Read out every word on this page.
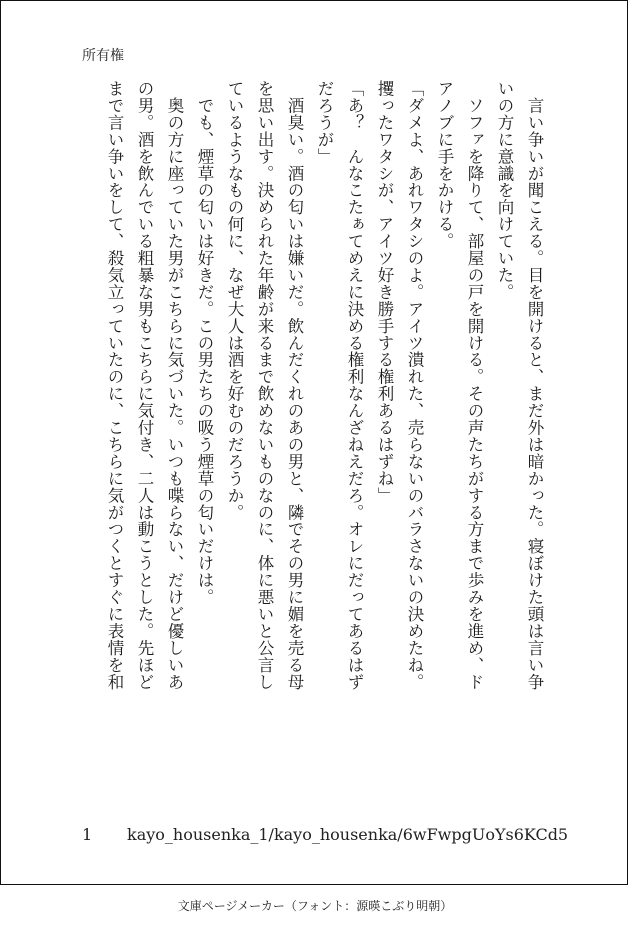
所有権
　言い争いが聞こえる。目を開けると、まだ外は暗かった。寝ぼけた頭は言い争
いの方に意識を向けていた。
　ソファを降りて、部屋の戸を開ける。その声たちがする方まで歩みを進め、ド
アノブに手をかける。
「ダメよ、あれワタシのよ。アイツ潰れた、売らないのバラさないの決めたね。
攫ったワタシが、アイツ好き勝手する権利あるはずね」
「あ？　んなこたぁてめえに決める権利なんざねえだろ。オレにだってあるはず
だろうが」
　酒臭い。酒の匂いは嫌いだ。飲んだくれのあの男と、隣でその男に媚を売る母
を思い出す。決められた年齢が来るまで飲めないものなのに、体に悪いと公言し
ているようなもの何に、なぜ大人は酒を好むのだろうか。
　でも、煙草の匂いは好きだ。この男たちの吸う煙草の匂いだけは。
　奥の方に座っていた男がこちらに気づいた。いつも喋らない、だけど優しいあ
の男。酒を飲んでいる粗暴な男もこちらに気付き、二人は動こうとした。先ほど
まで言い争いをして、殺気立っていたのに、こちらに気がつくとすぐに表情を和
1 kayo_housenka_1/kayo_housenka/6wFwpgUoYs6KCd5
文庫ページメーカー（フォント：源暎こぶり明朝）
